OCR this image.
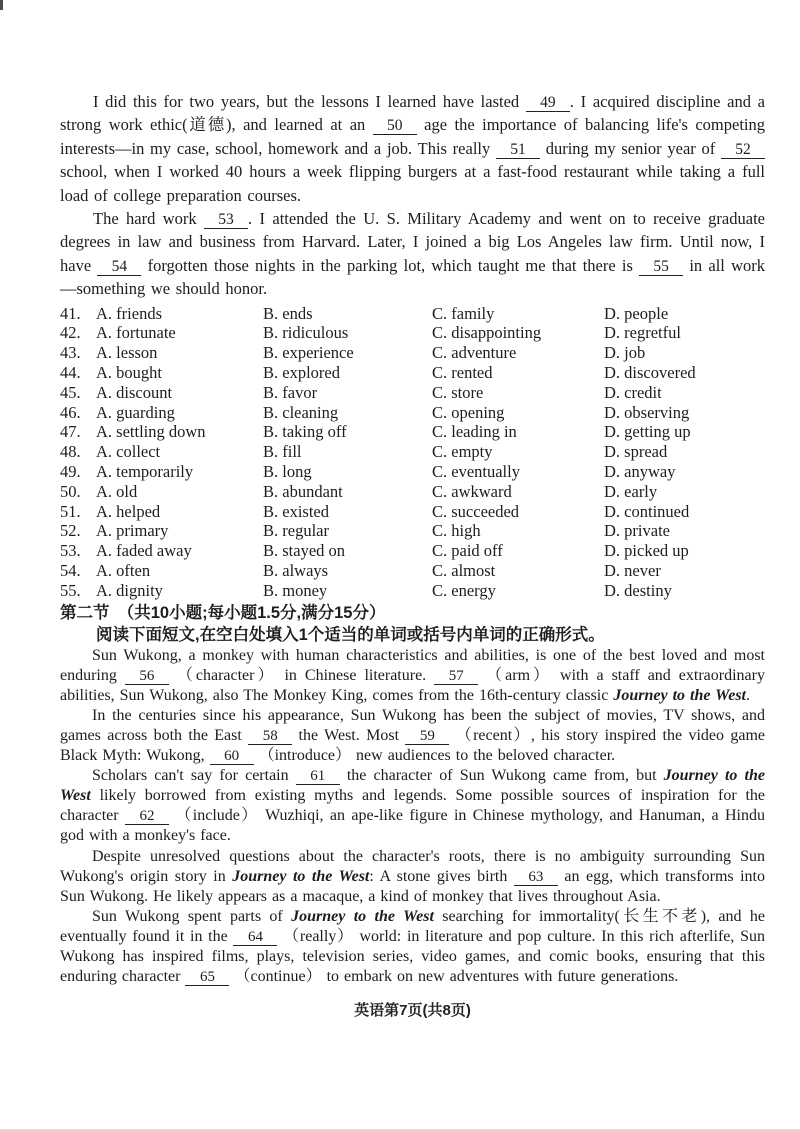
I did this for two years, but the lessons I learned have lasted 49 . I acquired discipline and a strong work ethic(道德), and learned at an 50 age the importance of balancing life's competing interests—in my case, school, homework and a job. This really 51 during my senior year of 52 school, when I worked 40 hours a week flipping burgers at a fast-food restaurant while taking a full load of college preparation courses.

The hard work 53 . I attended the U. S. Military Academy and went on to receive graduate degrees in law and business from Harvard. Later, I joined a big Los Angeles law firm. Until now, I have 54 forgotten those nights in the parking lot, which taught me that there is 55 in all work—something we should honor.

41. A. friends	B. ends	C. family	D. people
42. A. fortunate	B. ridiculous	C. disappointing	D. regretful
43. A. lesson	B. experience	C. adventure	D. job
44. A. bought	B. explored	C. rented	D. discovered
45. A. discount	B. favor	C. store	D. credit
46. A. guarding	B. cleaning	C. opening	D. observing
47. A. settling down	B. taking off	C. leading in	D. getting up
48. A. collect	B. fill	C. empty	D. spread
49. A. temporarily	B. long	C. eventually	D. anyway
50. A. old	B. abundant	C. awkward	D. early
51. A. helped	B. existed	C. succeeded	D. continued
52. A. primary	B. regular	C. high	D. private
53. A. faded away	B. stayed on	C. paid off	D. picked up
54. A. often	B. always	C. almost	D. never
55. A. dignity	B. money	C. energy	D. destiny
第二节　（共10小题;每小题1.5分,满分15分）
阅读下面短文,在空白处填入1个适当的单词或括号内单词的正确形式。

Sun Wukong, a monkey with human characteristics and abilities, is one of the best loved and most enduring 56 （character） in Chinese literature. 57 （arm） with a staff and extraordinary abilities, Sun Wukong, also The Monkey King, comes from the 16th-century classic Journey to the West.

In the centuries since his appearance, Sun Wukong has been the subject of movies, TV shows, and games across both the East 58 the West. Most 59 （recent）, his story inspired the video game Black Myth: Wukong, 60 （introduce） new audiences to the beloved character.

Scholars can't say for certain 61 the character of Sun Wukong came from, but Journey to the West likely borrowed from existing myths and legends. Some possible sources of inspiration for the character 62 （include） Wuzhiqi, an ape-like figure in Chinese mythology, and Hanuman, a Hindu god with a monkey's face.

Despite unresolved questions about the character's roots, there is no ambiguity surrounding Sun Wukong's origin story in Journey to the West: A stone gives birth 63 an egg, which transforms into Sun Wukong. He likely appears as a macaque, a kind of monkey that lives throughout Asia.

Sun Wukong spent parts of Journey to the West searching for immortality(长生不老), and he eventually found it in the 64 （really） world: in literature and pop culture. In this rich afterlife, Sun Wukong has inspired films, plays, television series, video games, and comic books, ensuring that this enduring character 65 （continue） to embark on new adventures with future generations.

英语第7页(共8页)
